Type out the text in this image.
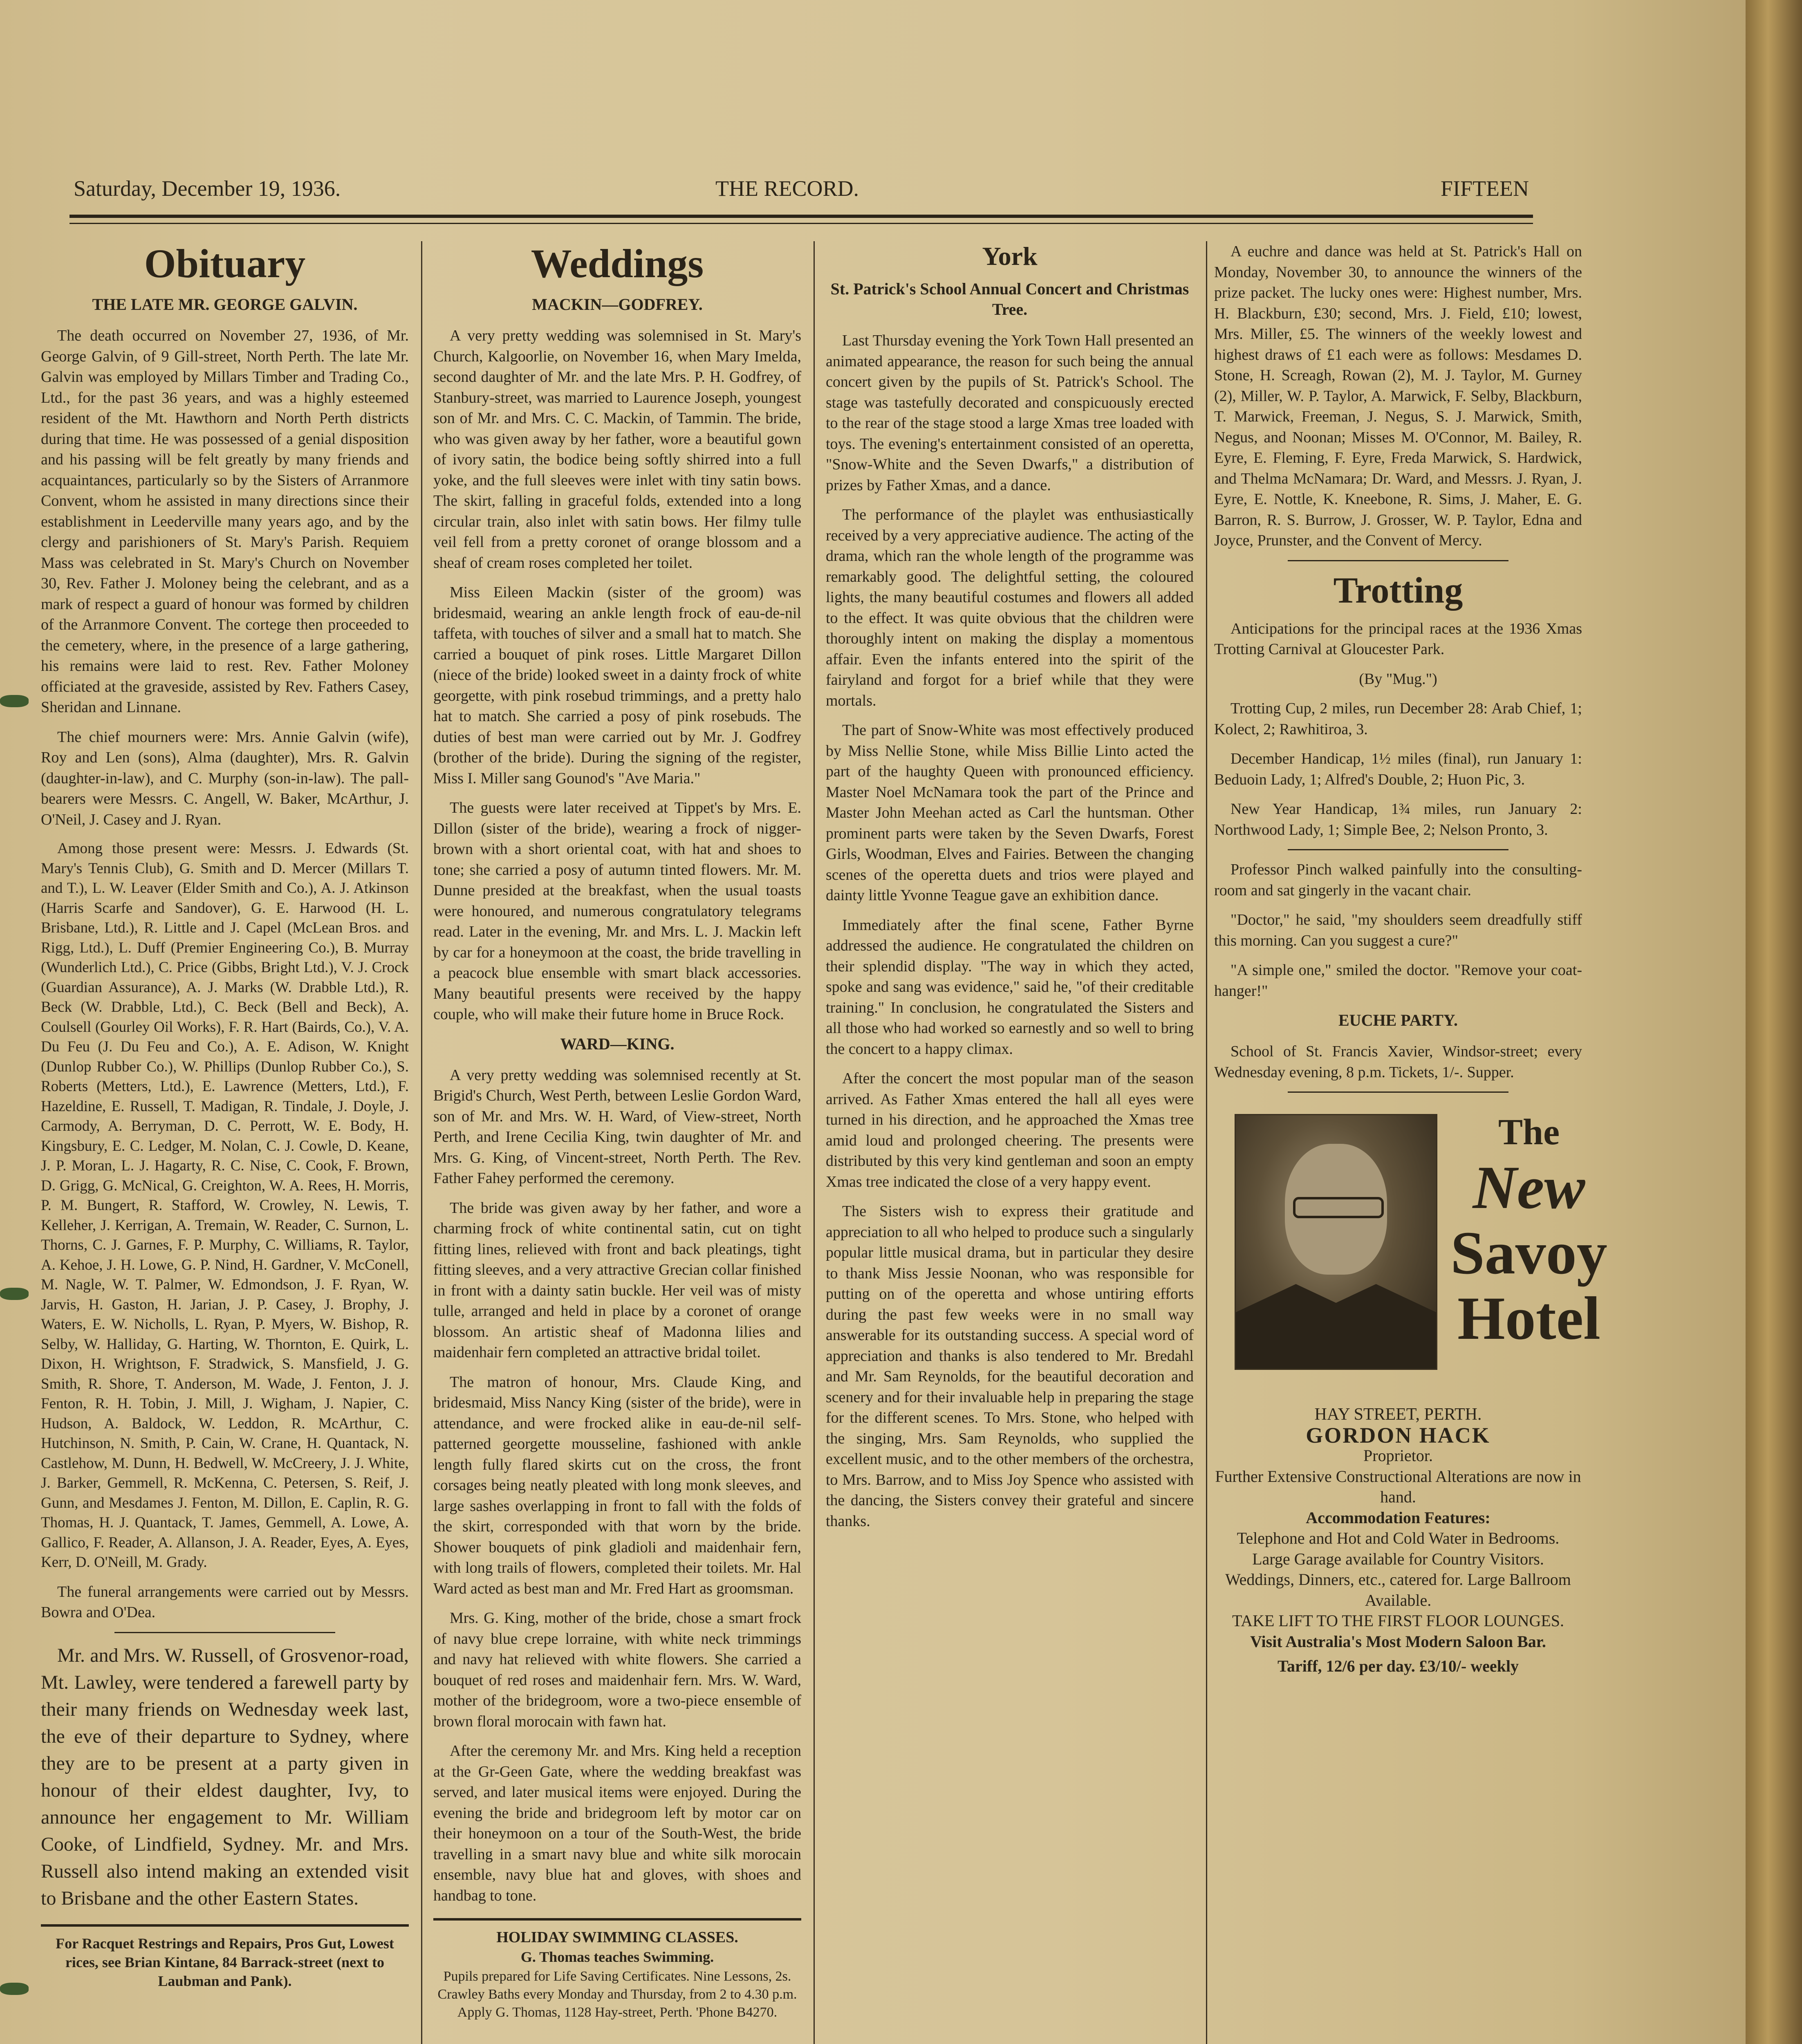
Saturday, December 19, 1936.	THE RECORD.	FIFTEEN
Obituary
THE LATE MR. GEORGE GALVIN.

The death occurred on November 27, 1936, of Mr. George Galvin, of 9 Gill-street, North Perth. The late Mr. Galvin was employed by Millars Timber and Trading Co., Ltd., for the past 36 years, and was a highly esteemed resident of the Mt. Hawthorn and North Perth districts during that time. He was possessed of a genial disposition and his passing will be felt greatly by many friends and acquaintances, particularly so by the Sisters of Arranmore Convent, whom he assisted in many directions since their establishment in Leederville many years ago, and by the clergy and parishioners of St. Mary's Parish. Requiem Mass was celebrated in St. Mary's Church on November 30, Rev. Father J. Moloney being the celebrant, and as a mark of respect a guard of honour was formed by children of the Arranmore Convent. The cortege then proceeded to the cemetery, where, in the presence of a large gathering, his remains were laid to rest. Rev. Father Moloney officiated at the graveside, assisted by Rev. Fathers Casey, Sheridan and Linnane.

The chief mourners were: Mrs. Annie Galvin (wife), Roy and Len (sons), Alma (daughter), Mrs. R. Galvin (daughter-in-law), and C. Murphy (son-in-law). The pall-bearers were Messrs. C. Angell, W. Baker, McArthur, J. O'Neil, J. Casey and J. Ryan.

Among those present were: Messrs. J. Edwards (St. Mary's Tennis Club), G. Smith and D. Mercer (Millars T. and T.), L. W. Leaver (Elder Smith and Co.), A. J. Atkinson (Harris Scarfe and Sandover), G. E. Harwood (H. L. Brisbane, Ltd.), R. Little and J. Capel (McLean Bros. and Rigg, Ltd.), L. Duff (Premier Engineering Co.), B. Murray (Wunderlich Ltd.), C. Price (Gibbs, Bright Ltd.), V. J. Crock (Guardian Assurance), A. J. Marks (W. Drabble Ltd.), R. Beck (W. Drabble, Ltd.), C. Beck (Bell and Beck), A. Coulsell (Gourley Oil Works), F. R. Hart (Bairds, Co.), V. A. Du Feu (J. Du Feu and Co.), A. E. Adison, W. Knight (Dunlop Rubber Co.), W. Phillips (Dunlop Rubber Co.), S. Roberts (Metters, Ltd.), E. Lawrence (Metters, Ltd.), F. Hazeldine, E. Russell, T. Madigan, R. Tindale, J. Doyle, J. Carmody, A. Berryman, D. C. Perrott, W. E. Body, H. Kingsbury, E. C. Ledger, M. Nolan, C. J. Cowle, D. Keane, J. P. Moran, L. J. Hagarty, R. C. Nise, C. Cook, F. Brown, D. Grigg, G. McNical, G. Creighton, W. A. Rees, H. Morris, P. M. Bungert, R. Stafford, W. Crowley, N. Lewis, T. Kelleher, J. Kerrigan, A. Tremain, W. Reader, C. Surnon, L. Thorns, C. J. Garnes, F. P. Murphy, C. Williams, R. Taylor, A. Kehoe, J. H. Lowe, G. P. Nind, H. Gardner, V. McConell, M. Nagle, W. T. Palmer, W. Edmondson, J. F. Ryan, W. Jarvis, H. Gaston, H. Jarian, J. P. Casey, J. Brophy, J. Waters, E. W. Nicholls, L. Ryan, P. Myers, W. Bishop, R. Selby, W. Halliday, G. Harting, W. Thornton, E. Quirk, L. Dixon, H. Wrightson, F. Stradwick, S. Mansfield, J. G. Smith, R. Shore, T. Anderson, M. Wade, J. Fenton, J. J. Fenton, R. H. Tobin, J. Mill, J. Wigham, J. Napier, C. Hudson, A. Baldock, W. Leddon, R. McArthur, C. Hutchinson, N. Smith, P. Cain, W. Crane, H. Quantack, N. Castlehow, M. Dunn, H. Bedwell, W. McCreery, J. J. White, J. Barker, Gemmell, R. McKenna, C. Petersen, S. Reif, J. Gunn, and Mesdames J. Fenton, M. Dillon, E. Caplin, R. G. Thomas, H. J. Quantack, T. James, Gemmell, A. Lowe, A. Gallico, F. Reader, A. Allanson, J. A. Reader, Eyes, A. Eyes, Kerr, D. O'Neill, M. Grady.

The funeral arrangements were carried out by Messrs. Bowra and O'Dea.

Mr. and Mrs. W. Russell, of Grosvenor-road, Mt. Lawley, were tendered a farewell party by their many friends on Wednesday week last, the eve of their departure to Sydney, where they are to be present at a party given in honour of their eldest daughter, Ivy, to announce her engagement to Mr. William Cooke, of Lindfield, Sydney. Mr. and Mrs. Russell also intend making an extended visit to Brisbane and the other Eastern States.

For Racquet Restrings and Repairs, Pros Gut, Lowest rices, see Brian Kintane, 84 Barrack-street (next to Laubman and Pank).
Weddings
MACKIN—GODFREY.

A very pretty wedding was solemnised in St. Mary's Church, Kalgoorlie, on November 16, when Mary Imelda, second daughter of Mr. and the late Mrs. P. H. Godfrey, of Stanbury-street, was married to Laurence Joseph, youngest son of Mr. and Mrs. C. C. Mackin, of Tammin. The bride, who was given away by her father, wore a beautiful gown of ivory satin, the bodice being softly shirred into a full yoke, and the full sleeves were inlet with tiny satin bows. The skirt, falling in graceful folds, extended into a long circular train, also inlet with satin bows. Her filmy tulle veil fell from a pretty coronet of orange blossom and a sheaf of cream roses completed her toilet.

Miss Eileen Mackin (sister of the groom) was bridesmaid, wearing an ankle length frock of eau-de-nil taffeta, with touches of silver and a small hat to match. She carried a bouquet of pink roses. Little Margaret Dillon (niece of the bride) looked sweet in a dainty frock of white georgette, with pink rosebud trimmings, and a pretty halo hat to match. She carried a posy of pink rosebuds. The duties of best man were carried out by Mr. J. Godfrey (brother of the bride). During the signing of the register, Miss I. Miller sang Gounod's "Ave Maria."

The guests were later received at Tippet's by Mrs. E. Dillon (sister of the bride), wearing a frock of nigger-brown with a short oriental coat, with hat and shoes to tone; she carried a posy of autumn tinted flowers. Mr. M. Dunne presided at the breakfast, when the usual toasts were honoured, and numerous congratulatory telegrams read. Later in the evening, Mr. and Mrs. L. J. Mackin left by car for a honeymoon at the coast, the bride travelling in a peacock blue ensemble with smart black accessories. Many beautiful presents were received by the happy couple, who will make their future home in Bruce Rock.

WARD—KING.

A very pretty wedding was solemnised recently at St. Brigid's Church, West Perth, between Leslie Gordon Ward, son of Mr. and Mrs. W. H. Ward, of View-street, North Perth, and Irene Cecilia King, twin daughter of Mr. and Mrs. G. King, of Vincent-street, North Perth. The Rev. Father Fahey performed the ceremony.

The bride was given away by her father, and wore a charming frock of white continental satin, cut on tight fitting lines, relieved with front and back pleatings, tight fitting sleeves, and a very attractive Grecian collar finished in front with a dainty satin buckle. Her veil was of misty tulle, arranged and held in place by a coronet of orange blossom. An artistic sheaf of Madonna lilies and maidenhair fern completed an attractive bridal toilet.

The matron of honour, Mrs. Claude King, and bridesmaid, Miss Nancy King (sister of the bride), were in attendance, and were frocked alike in eau-de-nil self-patterned georgette mousseline, fashioned with ankle length fully flared skirts cut on the cross, the front corsages being neatly pleated with long monk sleeves, and large sashes overlapping in front to fall with the folds of the skirt, corresponded with that worn by the bride. Shower bouquets of pink gladioli and maidenhair fern, with long trails of flowers, completed their toilets. Mr. Hal Ward acted as best man and Mr. Fred Hart as groomsman.

Mrs. G. King, mother of the bride, chose a smart frock of navy blue crepe lorraine, with white neck trimmings and navy hat relieved with white flowers. She carried a bouquet of red roses and maidenhair fern. Mrs. W. Ward, mother of the bridegroom, wore a two-piece ensemble of brown floral morocain with fawn hat.

After the ceremony Mr. and Mrs. King held a reception at the Gr-Geen Gate, where the wedding breakfast was served, and later musical items were enjoyed. During the evening the bride and bridegroom left by motor car on their honeymoon on a tour of the South-West, the bride travelling in a smart navy blue and white silk morocain ensemble, navy blue hat and gloves, with shoes and handbag to tone.

HOLIDAY SWIMMING CLASSES.
G. Thomas teaches Swimming.

Pupils prepared for Life Saving Certificates. Nine Lessons, 2s. Crawley Baths every Monday and Thursday, from 2 to 4.30 p.m. Apply G. Thomas, 1128 Hay-street, Perth. 'Phone B4270.

York
St. Patrick's School Annual Concert and Christmas Tree.

Last Thursday evening the York Town Hall presented an animated appearance, the reason for such being the annual concert given by the pupils of St. Patrick's School. The stage was tastefully decorated and conspicuously erected to the rear of the stage stood a large Xmas tree loaded with toys. The evening's entertainment consisted of an operetta, "Snow-White and the Seven Dwarfs," a distribution of prizes by Father Xmas, and a dance.

The performance of the playlet was enthusiastically received by a very appreciative audience. The acting of the drama, which ran the whole length of the programme was remarkably good. The delightful setting, the coloured lights, the many beautiful costumes and flowers all added to the effect. It was quite obvious that the children were thoroughly intent on making the display a momentous affair. Even the infants entered into the spirit of the fairyland and forgot for a brief while that they were mortals.

The part of Snow-White was most effectively produced by Miss Nellie Stone, while Miss Billie Linto acted the part of the haughty Queen with pronounced efficiency. Master Noel McNamara took the part of the Prince and Master John Meehan acted as Carl the huntsman. Other prominent parts were taken by the Seven Dwarfs, Forest Girls, Woodman, Elves and Fairies. Between the changing scenes of the operetta duets and trios were played and dainty little Yvonne Teague gave an exhibition dance.

Immediately after the final scene, Father Byrne addressed the audience. He congratulated the children on their splendid display. "The way in which they acted, spoke and sang was evidence," said he, "of their creditable training." In conclusion, he congratulated the Sisters and all those who had worked so earnestly and so well to bring the concert to a happy climax.

After the concert the most popular man of the season arrived. As Father Xmas entered the hall all eyes were turned in his direction, and he approached the Xmas tree amid loud and prolonged cheering. The presents were distributed by this very kind gentleman and soon an empty Xmas tree indicated the close of a very happy event.

The Sisters wish to express their gratitude and appreciation to all who helped to produce such a singularly popular little musical drama, but in particular they desire to thank Miss Jessie Noonan, who was responsible for putting on of the operetta and whose untiring efforts during the past few weeks were in no small way answerable for its outstanding success. A special word of appreciation and thanks is also tendered to Mr. Bredahl and Mr. Sam Reynolds, for the beautiful decoration and scenery and for their invaluable help in preparing the stage for the different scenes. To Mrs. Stone, who helped with the singing, Mrs. Sam Reynolds, who supplied the excellent music, and to the other members of the orchestra, to Mrs. Barrow, and to Miss Joy Spence who assisted with the dancing, the Sisters convey their grateful and sincere thanks.

A euchre and dance was held at St. Patrick's Hall on Monday, November 30, to announce the winners of the prize packet. The lucky ones were: Highest number, Mrs. H. Blackburn, £30; second, Mrs. J. Field, £10; lowest, Mrs. Miller, £5. The winners of the weekly lowest and highest draws of £1 each were as follows: Mesdames D. Stone, H. Screagh, Rowan (2), M. J. Taylor, M. Gurney (2), Miller, W. P. Taylor, A. Marwick, F. Selby, Blackburn, T. Marwick, Freeman, J. Negus, S. J. Marwick, Smith, Negus, and Noonan; Misses M. O'Connor, M. Bailey, R. Eyre, E. Fleming, F. Eyre, Freda Marwick, S. Hardwick, and Thelma McNamara; Dr. Ward, and Messrs. J. Ryan, J. Eyre, E. Nottle, K. Kneebone, R. Sims, J. Maher, E. G. Barron, R. S. Burrow, J. Grosser, W. P. Taylor, Edna and Joyce, Prunster, and the Convent of Mercy.

Trotting

Anticipations for the principal races at the 1936 Xmas Trotting Carnival at Gloucester Park.

(By "Mug.")

Trotting Cup, 2 miles, run December 28: Arab Chief, 1; Kolect, 2; Rawhitiroa, 3.

December Handicap, 1½ miles (final), run January 1: Beduoin Lady, 1; Alfred's Double, 2; Huon Pic, 3.

New Year Handicap, 1¾ miles, run January 2: Northwood Lady, 1; Simple Bee, 2; Nelson Pronto, 3.

Professor Pinch walked painfully into the consulting-room and sat gingerly in the vacant chair.

"Doctor," he said, "my shoulders seem dreadfully stiff this morning. Can you suggest a cure?"

"A simple one," smiled the doctor. "Remove your coat-hanger!"

EUCHE PARTY.

School of St. Francis Xavier, Windsor-street; every Wednesday evening, 8 p.m. Tickets, 1/-. Supper.

The
New
Savoy
Hotel
HAY STREET, PERTH.
GORDON HACK
Proprietor.
Further Extensive Constructional Alterations are now in hand.
Accommodation Features:
Telephone and Hot and Cold Water in Bedrooms.
Large Garage available for Country Visitors.
Weddings, Dinners, etc., catered for. Large Ballroom Available.
TAKE LIFT TO THE FIRST FLOOR LOUNGES.
Visit Australia's Most Modern Saloon Bar.
Tariff, 12/6 per day. £3/10/- weekly
